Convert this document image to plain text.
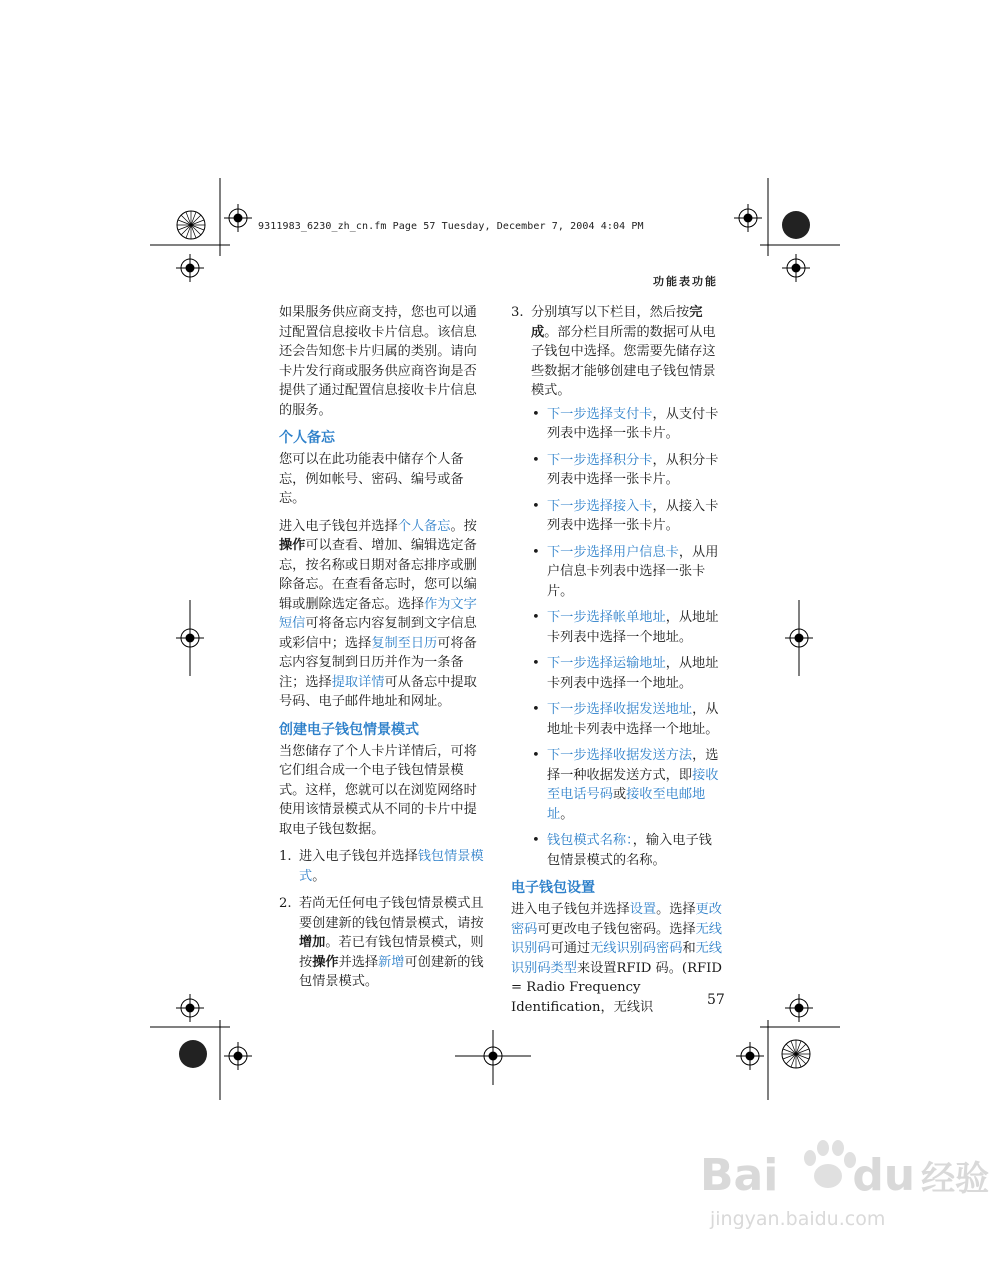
9311983_6230_zh_cn.fm Page 57 Tuesday, December 7, 2004 4:04 PM
功能表功能

如果服务供应商支持，您也可以通过配置信息接收卡片信息。该信息还会告知您卡片归属的类别。请向卡片发行商或服务供应商咨询是否提供了通过配置信息接收卡片信息的服务。

个人备忘

您可以在此功能表中储存个人备忘，例如帐号、密码、编号或备忘。

进入电子钱包并选择个人备忘。按操作可以查看、增加、编辑选定备忘，按名称或日期对备忘排序或删除备忘。在查看备忘时，您可以编辑或删除选定备忘。选择作为文字短信可将备忘内容复制到文字信息或彩信中；选择复制至日历可将备忘内容复制到日历并作为一条备注；选择提取详情可从备忘中提取号码、电子邮件地址和网址。

创建电子钱包情景模式

当您储存了个人卡片详情后，可将它们组合成一个电子钱包情景模式。这样，您就可以在浏览网络时使用该情景模式从不同的卡片中提取电子钱包数据。

1. 进入电子钱包并选择钱包情景模式。
2. 若尚无任何电子钱包情景模式且要创建新的钱包情景模式，请按增加。若已有钱包情景模式，则按操作并选择新增可创建新的钱包情景模式。
3. 分别填写以下栏目，然后按完成。部分栏目所需的数据可从电子钱包中选择。您需要先储存这些数据才能够创建电子钱包情景模式。
• 下一步选择支付卡，从支付卡列表中选择一张卡片。
• 下一步选择积分卡，从积分卡列表中选择一张卡片。
• 下一步选择接入卡，从接入卡列表中选择一张卡片。
• 下一步选择用户信息卡，从用户信息卡列表中选择一张卡片。
• 下一步选择帐单地址，从地址卡列表中选择一个地址。
• 下一步选择运输地址，从地址卡列表中选择一个地址。
• 下一步选择收据发送地址，从地址卡列表中选择一个地址。
• 下一步选择收据发送方法，选择一种收据发送方式，即接收至电话号码或接收至电邮地址。
• 钱包模式名称：，输入电子钱包情景模式的名称。
电子钱包设置

进入电子钱包并选择设置。选择更改密码可更改电子钱包密码。选择无线识别码可通过无线识别码密码和无线识别码类型来设置RFID 码。(RFID = Radio Frequency Identification，无线识	57
Bai du 经验
jingyan.baidu.com
